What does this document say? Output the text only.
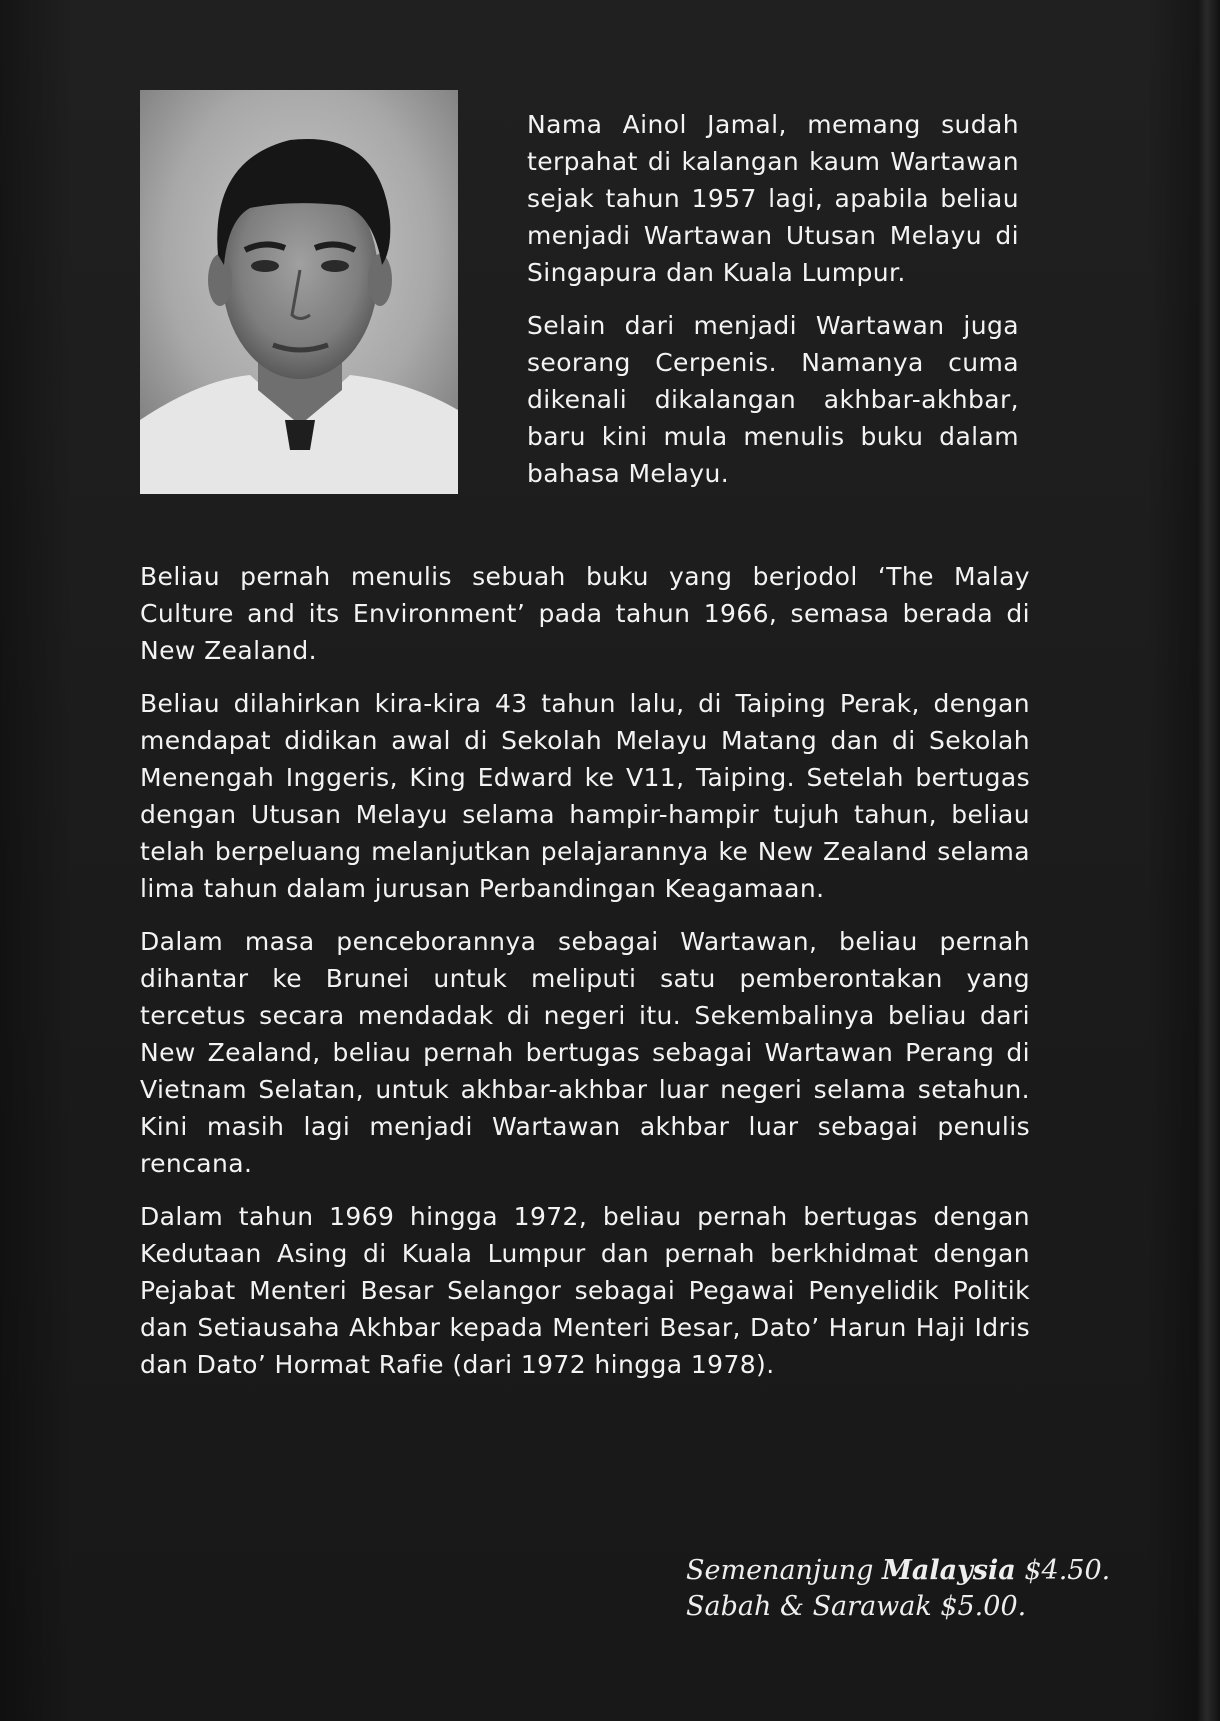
Nama Ainol Jamal, memang sudah terpahat di kalangan kaum Wartawan sejak tahun 1957 lagi, apabila beliau menjadi Wartawan Utusan Melayu di Singapura dan Kuala Lumpur.

Selain dari menjadi Wartawan juga seorang Cerpenis. Namanya cuma dikenali dikalangan akhbar-akhbar, baru kini mula menulis buku dalam bahasa Melayu.

Beliau pernah menulis sebuah buku yang berjodol ‘The Malay Culture and its Environment’ pada tahun 1966, semasa berada di New Zealand.

Beliau dilahirkan kira-kira 43 tahun lalu, di Taiping Perak, dengan mendapat didikan awal di Sekolah Melayu Matang dan di Sekolah Menengah Inggeris, King Edward ke V11, Taiping. Setelah bertugas dengan Utusan Melayu selama hampir-hampir tujuh tahun, beliau telah berpeluang melanjutkan pelajarannya ke New Zealand selama lima tahun dalam jurusan Perbandingan Keagamaan.

Dalam masa penceborannya sebagai Wartawan, beliau pernah dihantar ke Brunei untuk meliputi satu pemberontakan yang tercetus secara mendadak di negeri itu. Sekembalinya beliau dari New Zealand, beliau pernah bertugas sebagai Wartawan Perang di Vietnam Selatan, untuk akhbar-akhbar luar negeri selama setahun. Kini masih lagi menjadi Wartawan akhbar luar sebagai penulis rencana.

Dalam tahun 1969 hingga 1972, beliau pernah bertugas dengan Kedutaan Asing di Kuala Lumpur dan pernah berkhidmat dengan Pejabat Menteri Besar Selangor sebagai Pegawai Penyelidik Politik dan Setiausaha Akhbar kepada Menteri Besar, Dato’ Harun Haji Idris dan Dato’ Hormat Rafie (dari 1972 hingga 1978).

Semenanjung Malaysia $4.50.
Sabah & Sarawak $5.00.
